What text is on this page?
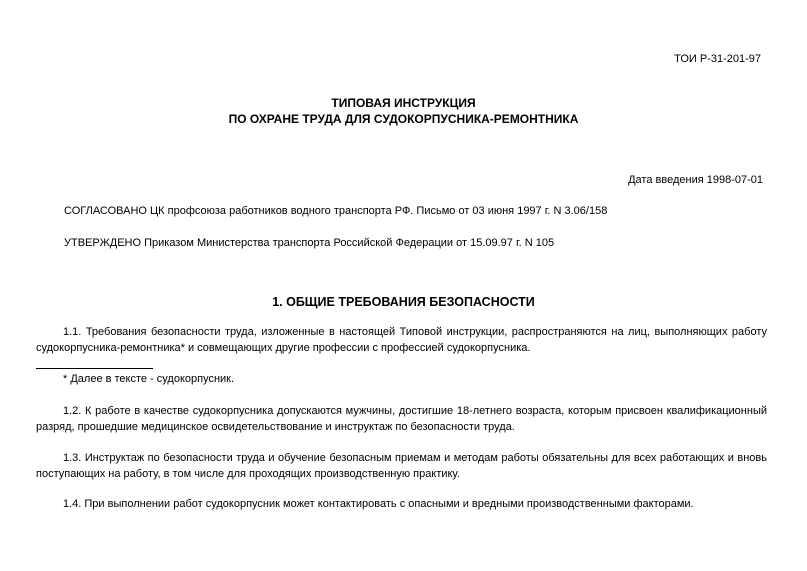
ТОИ Р-31-201-97
ТИПОВАЯ ИНСТРУКЦИЯ
ПО ОХРАНЕ ТРУДА ДЛЯ СУДОКОРПУСНИКА-РЕМОНТНИКА
Дата введения 1998-07-01
СОГЛАСОВАНО ЦК профсоюза работников водного транспорта РФ. Письмо от 03 июня 1997 г. N 3.06/158
УТВЕРЖДЕНО Приказом Министерства транспорта Российской Федерации от 15.09.97 г. N 105
1. ОБЩИЕ ТРЕБОВАНИЯ БЕЗОПАСНОСТИ
1.1. Требования безопасности труда, изложенные в настоящей Типовой инструкции, распространяются на лиц, выполняющих работу судокорпусника-ремонтника* и совмещающих другие профессии с профессией судокорпусника.
* Далее в тексте - судокорпусник.
1.2. К работе в качестве судокорпусника допускаются мужчины, достигшие 18-летнего возраста, которым присвоен квалификационный разряд, прошедшие медицинское освидетельствование и инструктаж по безопасности труда.
1.3. Инструктаж по безопасности труда и обучение безопасным приемам и методам работы обязательны для всех работающих и вновь поступающих на работу, в том числе для проходящих производственную практику.
1.4. При выполнении работ судокорпусник может контактировать с опасными и вредными производственными факторами.
